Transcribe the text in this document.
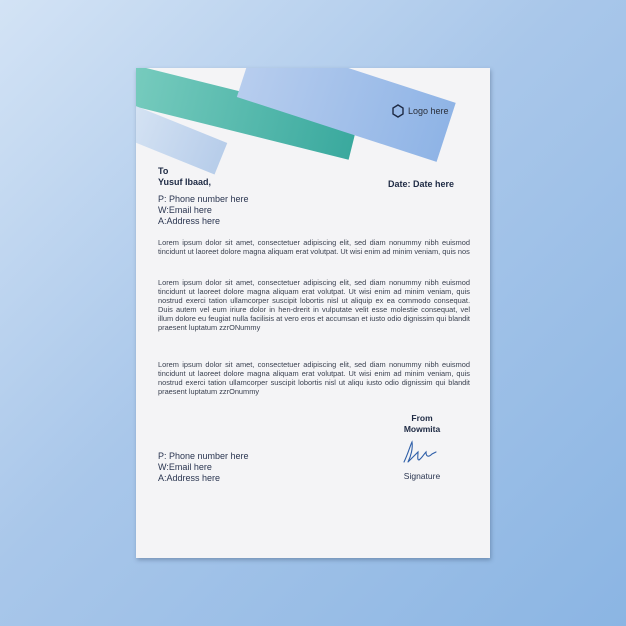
Logo here
To
Yusuf Ibaad,	Date: Date here
P: Phone number here
W:Email here
A:Address here
Lorem ipsum dolor sit amet, consectetuer adipiscing elit, sed diam nonummy nibh euismod tincidunt ut laoreet dolore magna aliquam erat volutpat. Ut wisi enim ad minim veniam, quis nos
Lorem ipsum dolor sit amet, consectetuer adipiscing elit, sed diam nonummy nibh euismod tincidunt ut laoreet dolore magna aliquam erat volutpat. Ut wisi enim ad minim veniam, quis nostrud exerci tation ullamcorper suscipit lobortis nisl ut aliquip ex ea commodo consequat. Duis autem vel eum iriure dolor in hen-drerit in vulputate velit esse molestie consequat, vel illum dolore eu feugiat nulla facilisis at vero eros et accumsan et iusto odio dignissim qui blandit praesent luptatum zzrONummy
Lorem ipsum dolor sit amet, consectetuer adipiscing elit, sed diam nonummy nibh euismod tincidunt ut laoreet dolore magna aliquam erat volutpat. Ut wisi enim ad minim veniam, quis nostrud exerci tation ullamcorper suscipit lobortis nisl ut aliqu iusto odio dignissim qui blandit praesent luptatum zzrOnummy
From
Mowmita
Signature
P: Phone number here
W:Email here
A:Address here
